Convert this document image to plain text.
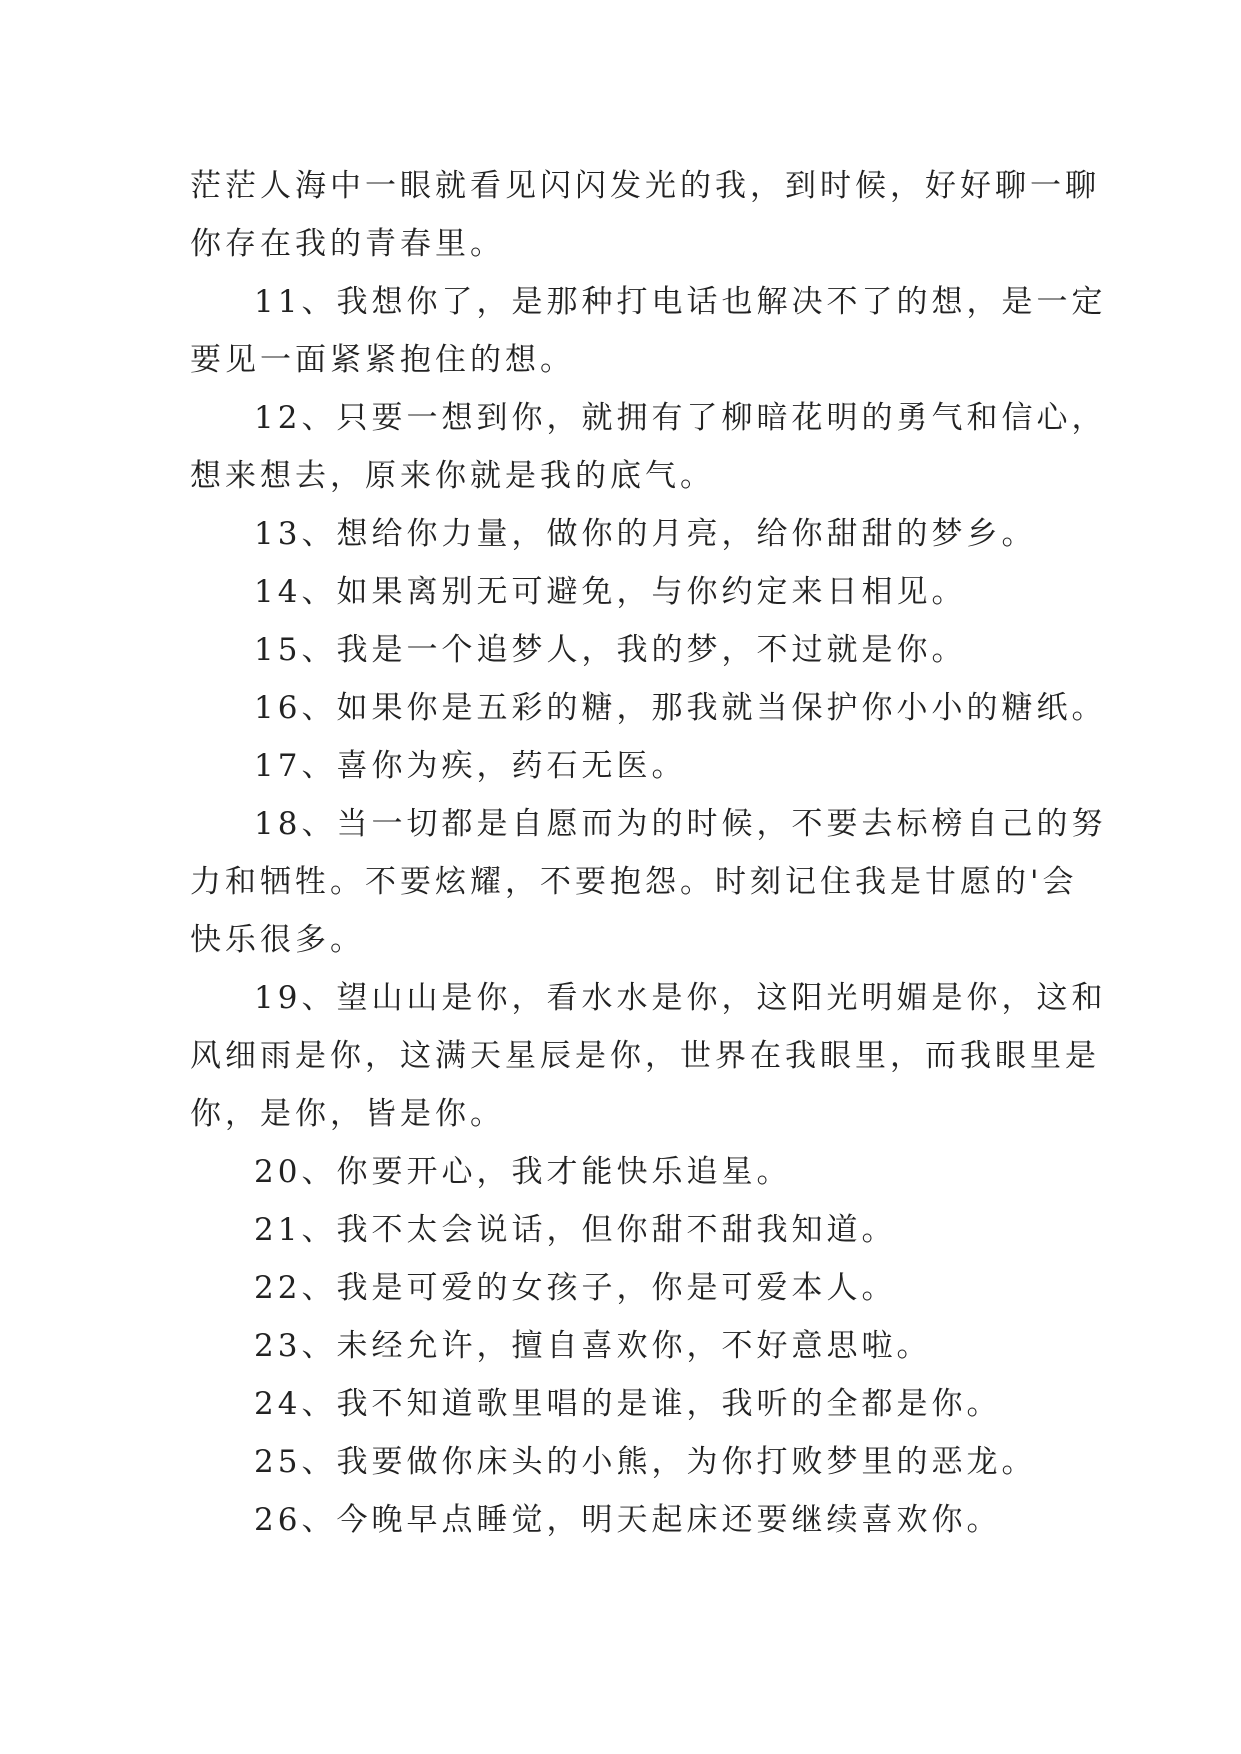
茫茫人海中一眼就看见闪闪发光的我，到时候，好好聊一聊
你存在我的青春里。
11、我想你了，是那种打电话也解决不了的想，是一定
要见一面紧紧抱住的想。
12、只要一想到你，就拥有了柳暗花明的勇气和信心，
想来想去，原来你就是我的底气。
13、想给你力量，做你的月亮，给你甜甜的梦乡。
14、如果离别无可避免，与你约定来日相见。
15、我是一个追梦人，我的梦，不过就是你。
16、如果你是五彩的糖，那我就当保护你小小的糖纸。
17、喜你为疾，药石无医。
18、当一切都是自愿而为的时候，不要去标榜自己的努
力和牺牲。不要炫耀，不要抱怨。时刻记住我是甘愿的'会
快乐很多。
19、望山山是你，看水水是你，这阳光明媚是你，这和
风细雨是你，这满天星辰是你，世界在我眼里，而我眼里是
你，是你，皆是你。
20、你要开心，我才能快乐追星。
21、我不太会说话，但你甜不甜我知道。
22、我是可爱的女孩子，你是可爱本人。
23、未经允许，擅自喜欢你，不好意思啦。
24、我不知道歌里唱的是谁，我听的全都是你。
25、我要做你床头的小熊，为你打败梦里的恶龙。
26、今晚早点睡觉，明天起床还要继续喜欢你。
